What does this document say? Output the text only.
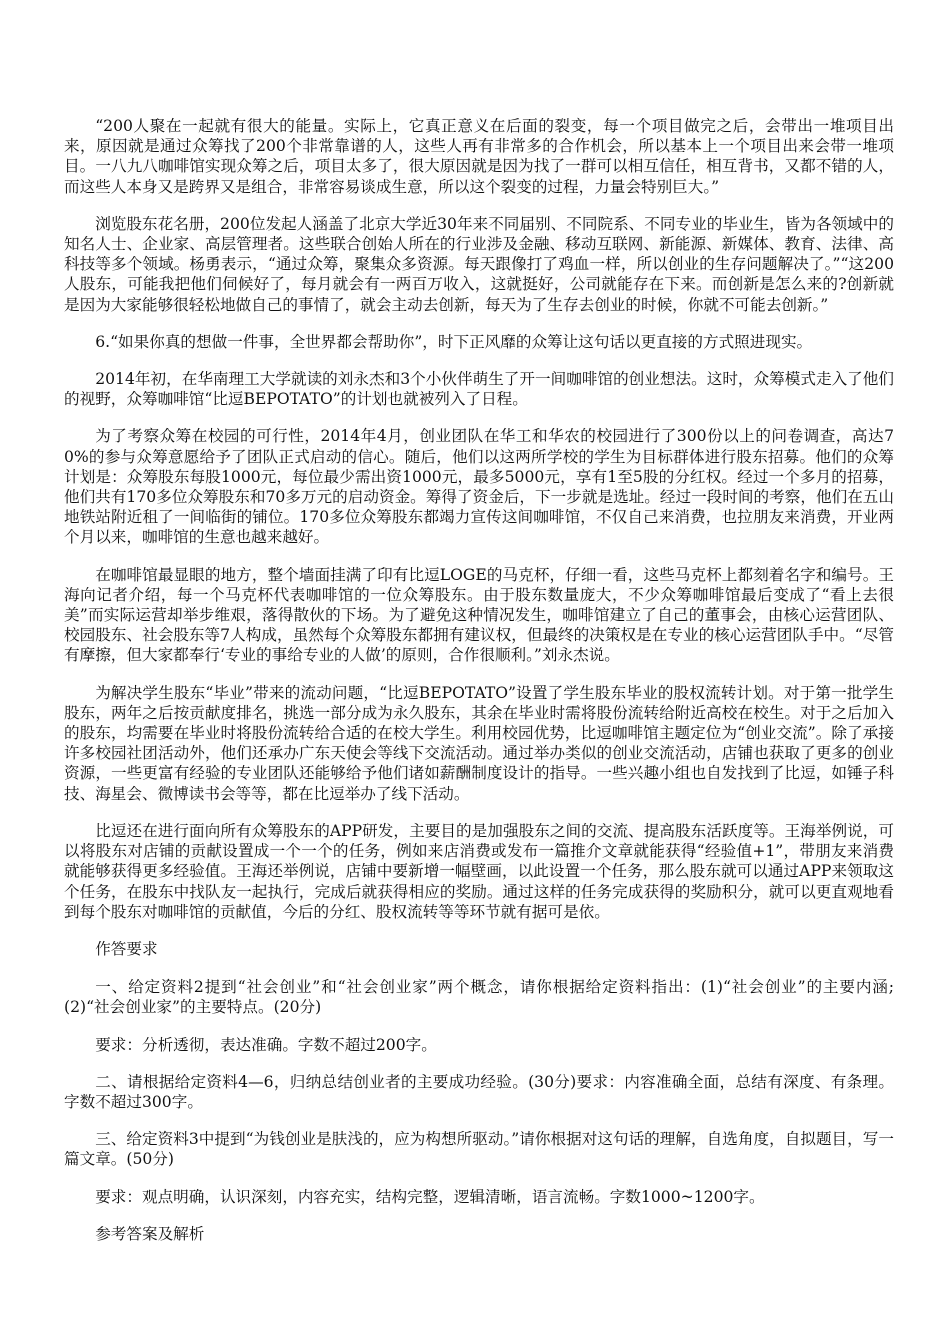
“200人聚在一起就有很大的能量。实际上，它真正意义在后面的裂变，每一个项目做完之后，会带出一堆项目出来，原因就是通过众筹找了200个非常靠谱的人，这些人再有非常多的合作机会，所以基本上一个项目出来会带一堆项目。一八九八咖啡馆实现众筹之后，项目太多了，很大原因就是因为找了一群可以相互信任，相互背书，又都不错的人，而这些人本身又是跨界又是组合，非常容易谈成生意，所以这个裂变的过程，力量会特别巨大。”

浏览股东花名册，200位发起人涵盖了北京大学近30年来不同届别、不同院系、不同专业的毕业生，皆为各领域中的知名人士、企业家、高层管理者。这些联合创始人所在的行业涉及金融、移动互联网、新能源、新媒体、教育、法律、高科技等多个领域。杨勇表示，“通过众筹，聚集众多资源。每天跟像打了鸡血一样，所以创业的生存问题解决了。”“这200人股东，可能我把他们伺候好了，每月就会有一两百万收入，这就挺好，公司就能存在下来。而创新是怎么来的?创新就是因为大家能够很轻松地做自己的事情了，就会主动去创新，每天为了生存去创业的时候，你就不可能去创新。”

6.“如果你真的想做一件事，全世界都会帮助你”，时下正风靡的众筹让这句话以更直接的方式照进现实。

2014年初，在华南理工大学就读的刘永杰和3个小伙伴萌生了开一间咖啡馆的创业想法。这时，众筹模式走入了他们的视野，众筹咖啡馆“比逗BEPOTATO”的计划也就被列入了日程。

为了考察众筹在校园的可行性，2014年4月，创业团队在华工和华农的校园进行了300份以上的问卷调查，高达70%的参与众筹意愿给予了团队正式启动的信心。随后，他们以这两所学校的学生为目标群体进行股东招募。他们的众筹计划是：众筹股东每股1000元，每位最少需出资1000元，最多5000元，享有1至5股的分红权。经过一个多月的招募，他们共有170多位众筹股东和70多万元的启动资金。筹得了资金后，下一步就是选址。经过一段时间的考察，他们在五山地铁站附近租了一间临街的铺位。170多位众筹股东都竭力宣传这间咖啡馆，不仅自己来消费，也拉朋友来消费，开业两个月以来，咖啡馆的生意也越来越好。

在咖啡馆最显眼的地方，整个墙面挂满了印有比逗LOGE的马克杯，仔细一看，这些马克杯上都刻着名字和编号。王海向记者介绍，每一个马克杯代表咖啡馆的一位众筹股东。由于股东数量庞大，不少众筹咖啡馆最后变成了“看上去很美”而实际运营却举步维艰，落得散伙的下场。为了避免这种情况发生，咖啡馆建立了自己的董事会，由核心运营团队、校园股东、社会股东等7人构成，虽然每个众筹股东都拥有建议权，但最终的决策权是在专业的核心运营团队手中。“尽管有摩擦，但大家都奉行‘专业的事给专业的人做’的原则，合作很顺利。”刘永杰说。

为解决学生股东“毕业”带来的流动问题，“比逗BEPOTATO”设置了学生股东毕业的股权流转计划。对于第一批学生股东，两年之后按贡献度排名，挑选一部分成为永久股东，其余在毕业时需将股份流转给附近高校在校生。对于之后加入的股东，均需要在毕业时将股份流转给合适的在校大学生。利用校园优势，比逗咖啡馆主题定位为“创业交流”。除了承接许多校园社团活动外，他们还承办广东天使会等线下交流活动。通过举办类似的创业交流活动，店铺也获取了更多的创业资源，一些更富有经验的专业团队还能够给予他们诸如薪酬制度设计的指导。一些兴趣小组也自发找到了比逗，如锤子科技、海星会、微博读书会等等，都在比逗举办了线下活动。

比逗还在进行面向所有众筹股东的APP研发，主要目的是加强股东之间的交流、提高股东活跃度等。王海举例说，可以将股东对店铺的贡献设置成一个一个的任务，例如来店消费或发布一篇推介文章就能获得“经验值+1”，带朋友来消费就能够获得更多经验值。王海还举例说，店铺中要新增一幅壁画，以此设置一个任务，那么股东就可以通过APP来领取这个任务，在股东中找队友一起执行，完成后就获得相应的奖励。通过这样的任务完成获得的奖励积分，就可以更直观地看到每个股东对咖啡馆的贡献值，今后的分红、股权流转等等环节就有据可是依。

作答要求

一、给定资料2提到“社会创业”和“社会创业家”两个概念，请你根据给定资料指出：(1)“社会创业”的主要内涵;(2)“社会创业家”的主要特点。(20分)

要求：分析透彻，表达准确。字数不超过200字。

二、请根据给定资料4—6，归纳总结创业者的主要成功经验。(30分)要求：内容准确全面，总结有深度、有条理。字数不超过300字。

三、给定资料3中提到“为钱创业是肤浅的，应为构想所驱动。”请你根据对这句话的理解，自选角度，自拟题目，写一篇文章。(50分)

要求：观点明确，认识深刻，内容充实，结构完整，逻辑清晰，语言流畅。字数1000~1200字。

参考答案及解析
